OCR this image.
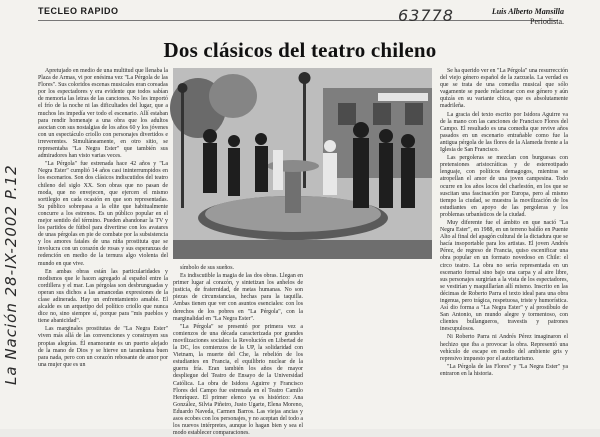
La Nación 28-IX-2002 P.12
TECLEO RAPIDO	63778	Luis Alberto Mansilla
Periodista.
Dos clásicos del teatro chileno

Apretujado en medio de una multitud que llenaba la Plaza de Armas, vi por enésima vez "La Pérgola de las Flores". Sus coloridos escenas musicales eran coreadas por los espectadores y era evidente que todos sabían de memoria las letras de las canciones. No les importó el frío de la noche ni las dificultades del lugar, que a muchos les impedía ver todo el escenario. Allí estaban para rendir homenaje a una obra que los adultos asocian con sus nostalgias de los años 60 y los jóvenes con un espectáculo criollo con personajes divertidos e irreverentes. Simultáneamente, en otro sitio, se representaba "La Negra Ester" que también sus admiradores han visto varias veces.

"La Pérgola" fue estrenada hace 42 años y "La Negra Ester" cumplió 14 años casi ininterrumpidos en los escenarios. Son dos clásicos indiscutidos del teatro chileno del siglo XX. Son obras que no pasan de moda, que no envejecen, que ejercen el mismo sortilegio en cada ocasión en que son representadas. Su público sobrepasa a la elite que habitualmente concurre a los estrenos. Es un público popular en el mejor sentido del término. Pueden abandonar la TV y los partidos de fútbol para divertirse con los avatares de unas pérgolas en pie de combate por la subsistencia y los amores fatales de una niña prostituta que se involucra con un corazón de rosas y sus esperanzas de redención en medio de la ternura algo violenta del mundo en que vive.

En ambas obras están las particularidades y modismos que le hacen agregado al español entre la cordillera y el mar. Las pérgolas son desbrunguadas y operan sus dichos a las amancedas expresiones de la clase adinerada. Hay un enfrentamiento amable. El alcalde es un arquetipo del político criollo que nunca dice no, sino siempre sí, porque para "mis pueblos y tiene abanicidad".

Las marginales prostitutas de "La Negra Ester" viven más allá de las convenciones y construyen sus propias alegrías. Él enamorante es un puerto alejado de la mano de Dios y se hierve un taramkuna buen para nada, pero con un corazón rebosante de amor por una mujer que es un

símbolo de sus sueños.

Es indiscutible la magia de las dos obras. Llegan en primer lugar al corazón, y sintetizan los anhelos de justicia, de fraternidad, de metas humanas. No son piezas de circunstancias, hechas para la taquilla. Ambas tienen que ver con asuntos esenciales: con los derechos de los pobres en "La Pérgola", con la marginalidad en "La Negra Ester".

"La Pérgola" se presentó por primera vez a comienzos de una década caracterizada por grandes movilizaciones sociales: la Revolución en Libertad de la DC, los comienzos de la UP, la solidaridad con Vietnam, la muerte del Che, la rebelión de los estudiantes en Francia, el equilibrio nuclear de la guerra fría. Eran también los años de mayor despliegue del Teatro de Ensayo de la Universidad Católica. La obra de Isidora Aguirre y Francisco Flores del Campo fue estrenada en el Teatro Camilo Henríquez. El primer elenco ya es histórico: Ana González, Silvia Piñeiro, Justo Ugarte, Elena Moreno, Eduardo Naveda, Carmen Barros. Las viejas ancias y asos ecobes con los personajes, y no aceptan del todo a los nuevos intérpretes, aunque lo hagan bien y sea el modo establecer comparaciones.

Se ha querido ver en "La Pérgola" una resurrección del viejo género español de la zarzuela. La verdad es que se trata de una comedia musical que sólo vagamente se puede relacionar con ese género y aún quizás en su variante chica, que es absolutamente madrileña.

La gracia del texto escrito por Isidora Aguirre va de la mano con las canciones de Francisco Flores del Campo. El resultado es una comedia que revive años pasados en un escenario entrañable como fue la antigua pérgola de las flores de la Alameda frente a la Iglesia de San Francisco.

Las pergoleras se mezclan con burguesas con pretensiones aristocráticas y de estereotipado lenguaje, con políticos demagogos, mientras se atropellan el amor de una joven campesina. Todo ocurre en los años locos del charlestón, en los que se suscitan una fascinación por Europa, pero al mismo tiempo la ciudad, se muestra la movilización de los estudiantes en apoyo de las pergoleras y los problemas urbanísticos de la ciudad.

Muy diferente fue el ámbito en que nació "La Negra Ester", en 1988, en un terreno baldío en Puente Alto al final del apagón cultural de la dictadura que se hacía insoportable para los artistas. El joven Andrés Pérez, de regreso de Francia, quiso escenificar una obra popular en un formato novedoso en Chile: el circo teatro. La obra no sería representada en un escenario formal sino bajo una carpa y al aire libre, sus personajes surgirían a la vista de los espectadores, se vestirían y maquillarían allí mismo. Inscrito en las décimas de Roberto Parra el texto ideal para una obra ingenua, pero trágica, respetuosa, triste y humorística. Así dio forma a "La Negra Ester" y al prostíbulo de San Antonio, un mundo alegre y tormentoso, con clientes bullangueros, travestis y patrones inescupulosos.

Ni Roberto Parra ni Andrés Pérez imaginaron el hechizo que iba a provocar la obra. Representó una vehículo de escape en medio del ambiente gris y represivo impuesto por el autoritarismo.

"La Pérgola de las Flores" y "La Negra Ester" ya entraron en la historia.
